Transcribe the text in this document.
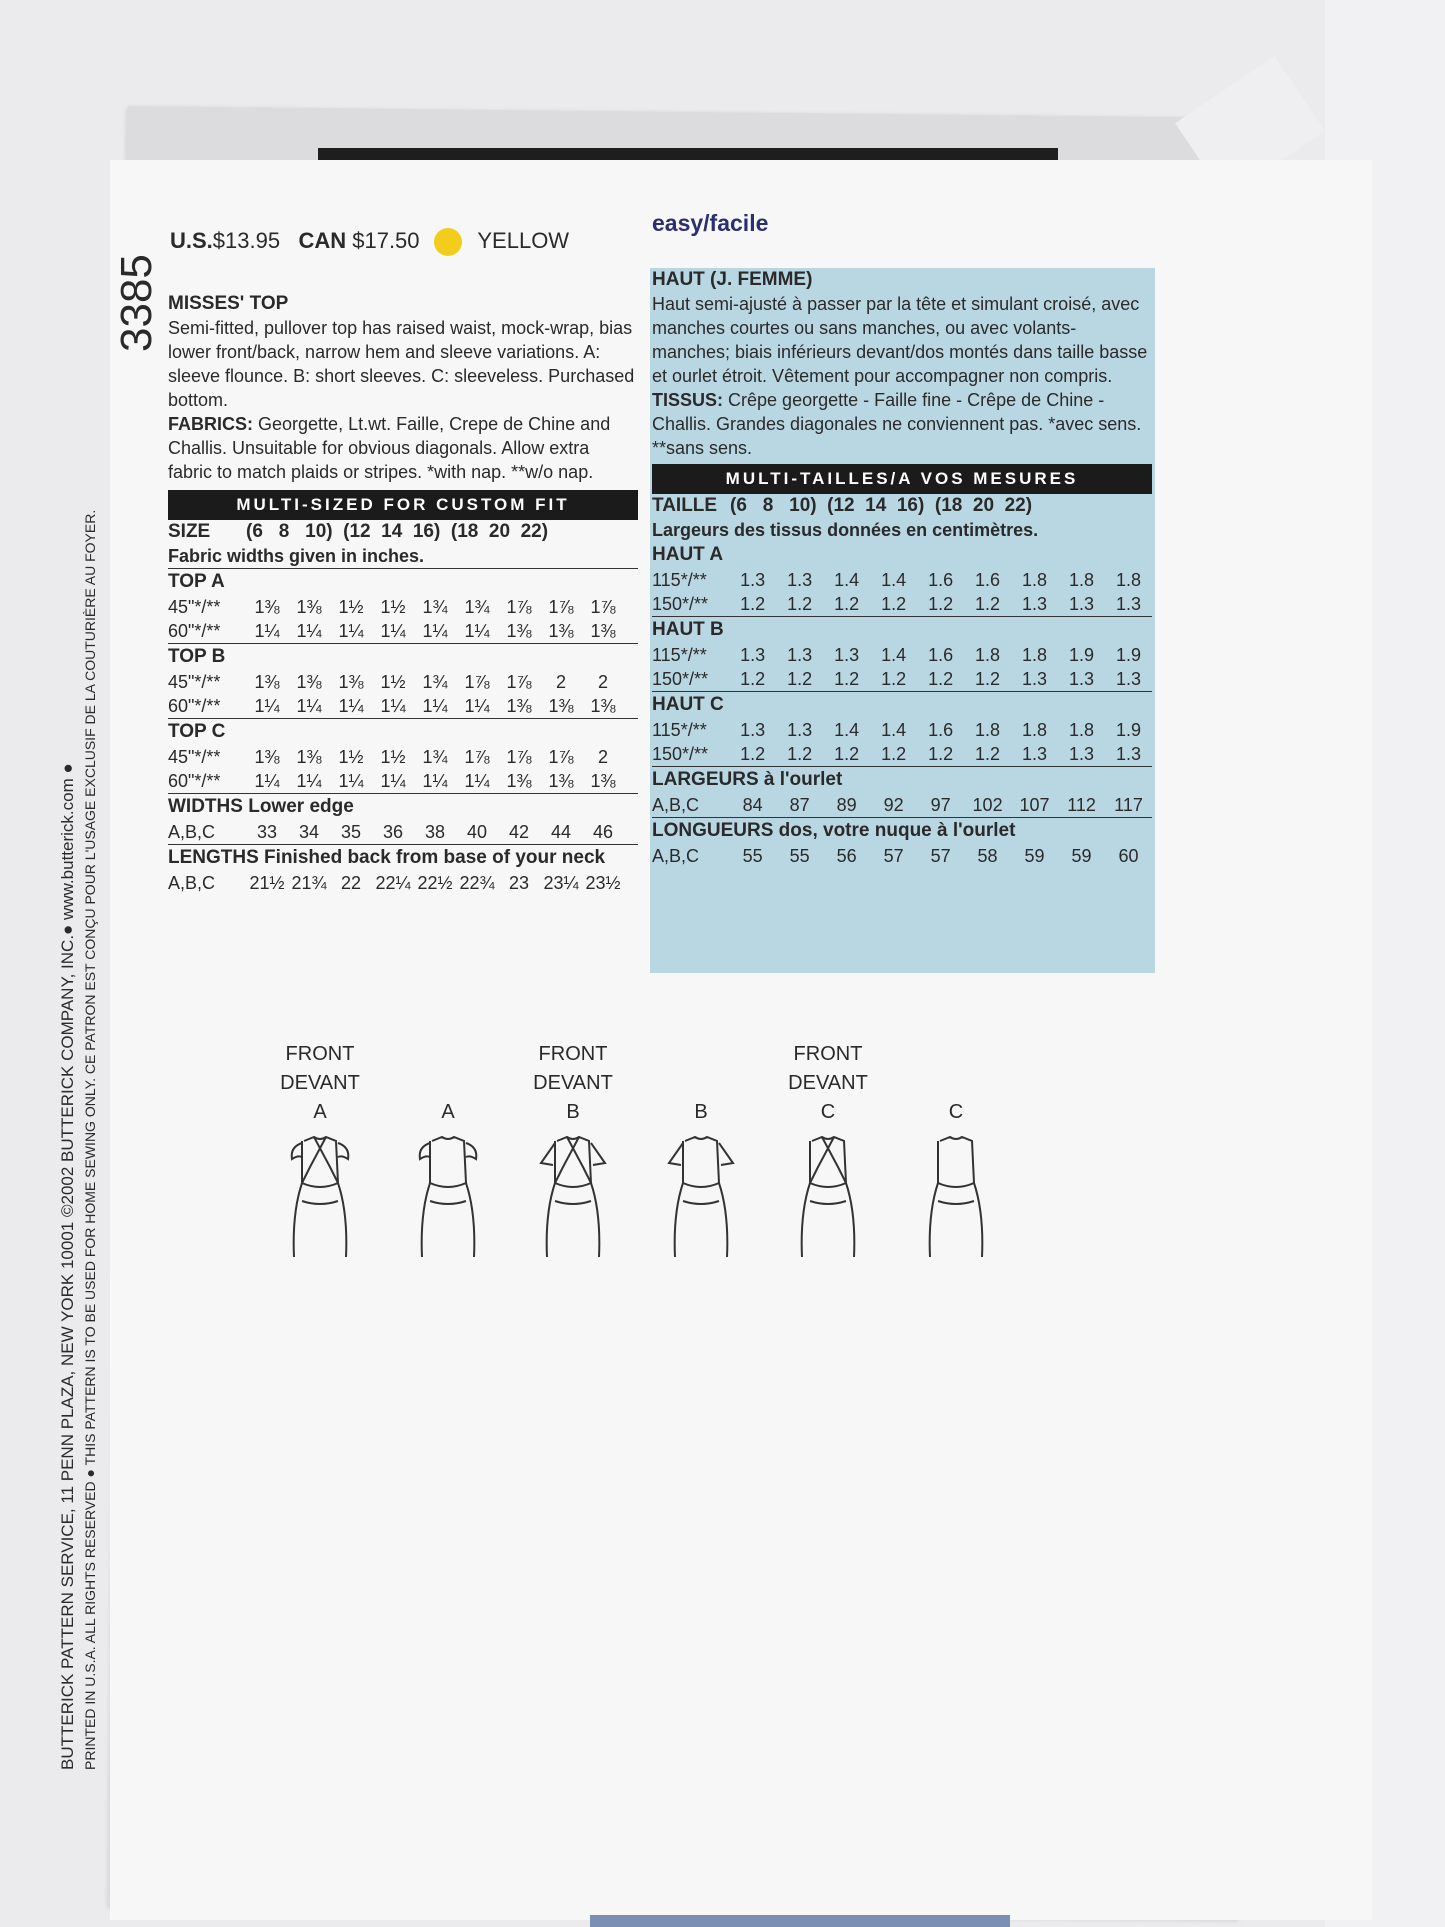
3385
BUTTERICK PATTERN SERVICE, 11 PENN PLAZA, NEW YORK 10001 ©2002 BUTTERICK COMPANY, INC.● www.butterick.com ● PRINTED IN U.S.A. ALL RIGHTS RESERVED ● THIS PATTERN IS TO BE USED FOR HOME SEWING ONLY. CE PATRON EST CONÇU POUR L'USAGE EXCLUSIF DE LA COUTURIÈRE AU FOYER.
U.S.$13.95 CAN $17.50	YELLOW
easy/facile
MISSES' TOP
Semi-fitted, pullover top has raised waist, mock-wrap, bias lower front/back, narrow hem and sleeve variations. A: sleeve flounce. B: short sleeves. C: sleeveless. Purchased bottom.
FABRICS: Georgette, Lt.wt. Faille, Crepe de Chine and Challis. Unsuitable for obvious diagonals. Allow extra fabric to match plaids or stripes. *with nap. **w/o nap.
MULTI-SIZED FOR CUSTOM FIT
SIZE	(6   8   10)  (12  14  16)  (18  20  22)
Fabric widths given in inches.
TOP A
45"*/**	1⅜ 1⅜ 1½ 1½ 1¾ 1¾ 1⅞ 1⅞ 1⅞
60"*/**	1¼ 1¼ 1¼ 1¼ 1¼ 1¼ 1⅜ 1⅜ 1⅜
TOP B
45"*/**	1⅜ 1⅜ 1⅜ 1½ 1¾ 1⅞ 1⅞	2	2
60"*/**	1¼ 1¼ 1¼ 1¼ 1¼ 1¼ 1⅜ 1⅜ 1⅜
TOP C
45"*/**	1⅜ 1⅜ 1½ 1½ 1¾ 1⅞ 1⅞ 1⅞	2
60"*/**	1¼ 1¼ 1¼ 1¼ 1¼ 1¼ 1⅜ 1⅜ 1⅜
WIDTHS Lower edge
A,B,C	33	34	35	36	38	40	42	44	46
LENGTHS Finished back from base of your neck
A,B,C	21½ 21¾ 22 22¼ 22½ 22¾ 23 23¼ 23½
HAUT (J. FEMME)
Haut semi-ajusté à passer par la tête et simulant croisé, avec manches courtes ou sans manches, ou avec volants-manches; biais inférieurs devant/dos montés dans taille basse et ourlet étroit. Vêtement pour accompagner non compris.
TISSUS: Crêpe georgette - Faille fine - Crêpe de Chine - Challis. Grandes diagonales ne conviennent pas. *avec sens. **sans sens.
MULTI-TAILLES/A VOS MESURES
TAILLE (6   8   10)  (12  14  16)  (18  20  22)
Largeurs des tissus données en centimètres.
HAUT A
115*/**	1.3	1.3	1.4	1.4	1.6	1.6	1.8	1.8	1.8
150*/**	1.2	1.2	1.2	1.2	1.2	1.2	1.3	1.3	1.3
HAUT B
115*/**	1.3	1.3	1.3	1.4	1.6	1.8	1.8	1.9	1.9
150*/**	1.2	1.2	1.2	1.2	1.2	1.2	1.3	1.3	1.3
HAUT C
115*/**	1.3	1.3	1.4	1.4	1.6	1.8	1.8	1.8	1.9
150*/**	1.2	1.2	1.2	1.2	1.2	1.2	1.3	1.3	1.3
LARGEURS à l'ourlet
A,B,C	84	87	89	92	97	102 107 112	117
LONGUEURS dos, votre nuque à l'ourlet
A,B,C	55	55	56	57	57	58	59	59	60
FRONT
DEVANT
A	A
FRONT
DEVANT
B	B
FRONT
DEVANT
C	C
